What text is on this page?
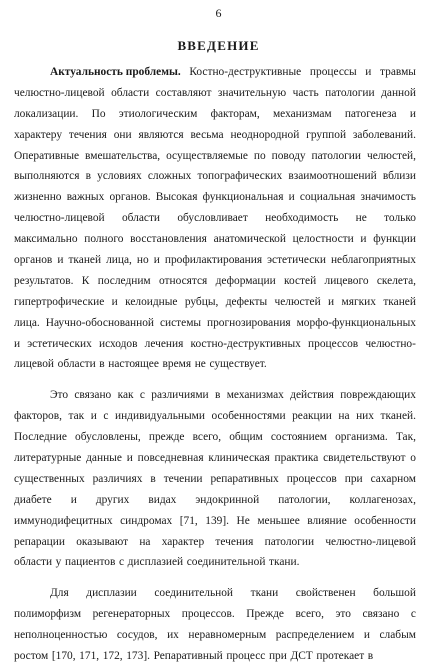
6
ВВЕДЕНИЕ
Актуальность проблемы. Костно-деструктивные процессы и травмы
челюстно-лицевой области составляют значительную часть патологии данной
локализации. По этиологическим факторам, механизмам патогенеза и
характеру течения они являются весьма неоднородной группой заболеваний.
Оперативные вмешательства, осуществляемые по поводу патологии челюстей,
выполняются в условиях сложных топографических взаимоотношений вблизи
жизненно важных органов. Высокая функциональная и социальная значимость
челюстно-лицевой области обусловливает необходимость не только
максимально полного восстановления анатомической целостности и функции
органов и тканей лица, но и профилактирования эстетически неблагоприятных
результатов. К последним относятся деформации костей лицевого скелета,
гипертрофические и келоидные рубцы, дефекты челюстей и мягких тканей
лица. Научно-обоснованной системы прогнозирования морфо-функциональных
и эстетических исходов лечения костно-деструктивных процессов челюстно-
лицевой области в настоящее время не существует.
Это связано как с различиями в механизмах действия повреждающих
факторов, так и с индивидуальными особенностями реакции на них тканей.
Последние обусловлены, прежде всего, общим состоянием организма. Так,
литературные данные и повседневная клиническая практика свидетельствуют о
существенных различиях в течении репаративных процессов при сахарном
диабете и других видах эндокринной патологии, коллагенозах,
иммунодифецитных синдромах [71, 139]. Не меньшее влияние особенности
репарации оказывают на характер течения патологии челюстно-лицевой
области у пациентов с дисплазией соединительной ткани.
Для дисплазии соединительной ткани свойственен большой
полиморфизм регенераторных процессов. Прежде всего, это связано с
неполноценностью сосудов, их неравномерным распределением и слабым
ростом [170, 171, 172, 173]. Репаративный процесс при ДСТ протекает в
